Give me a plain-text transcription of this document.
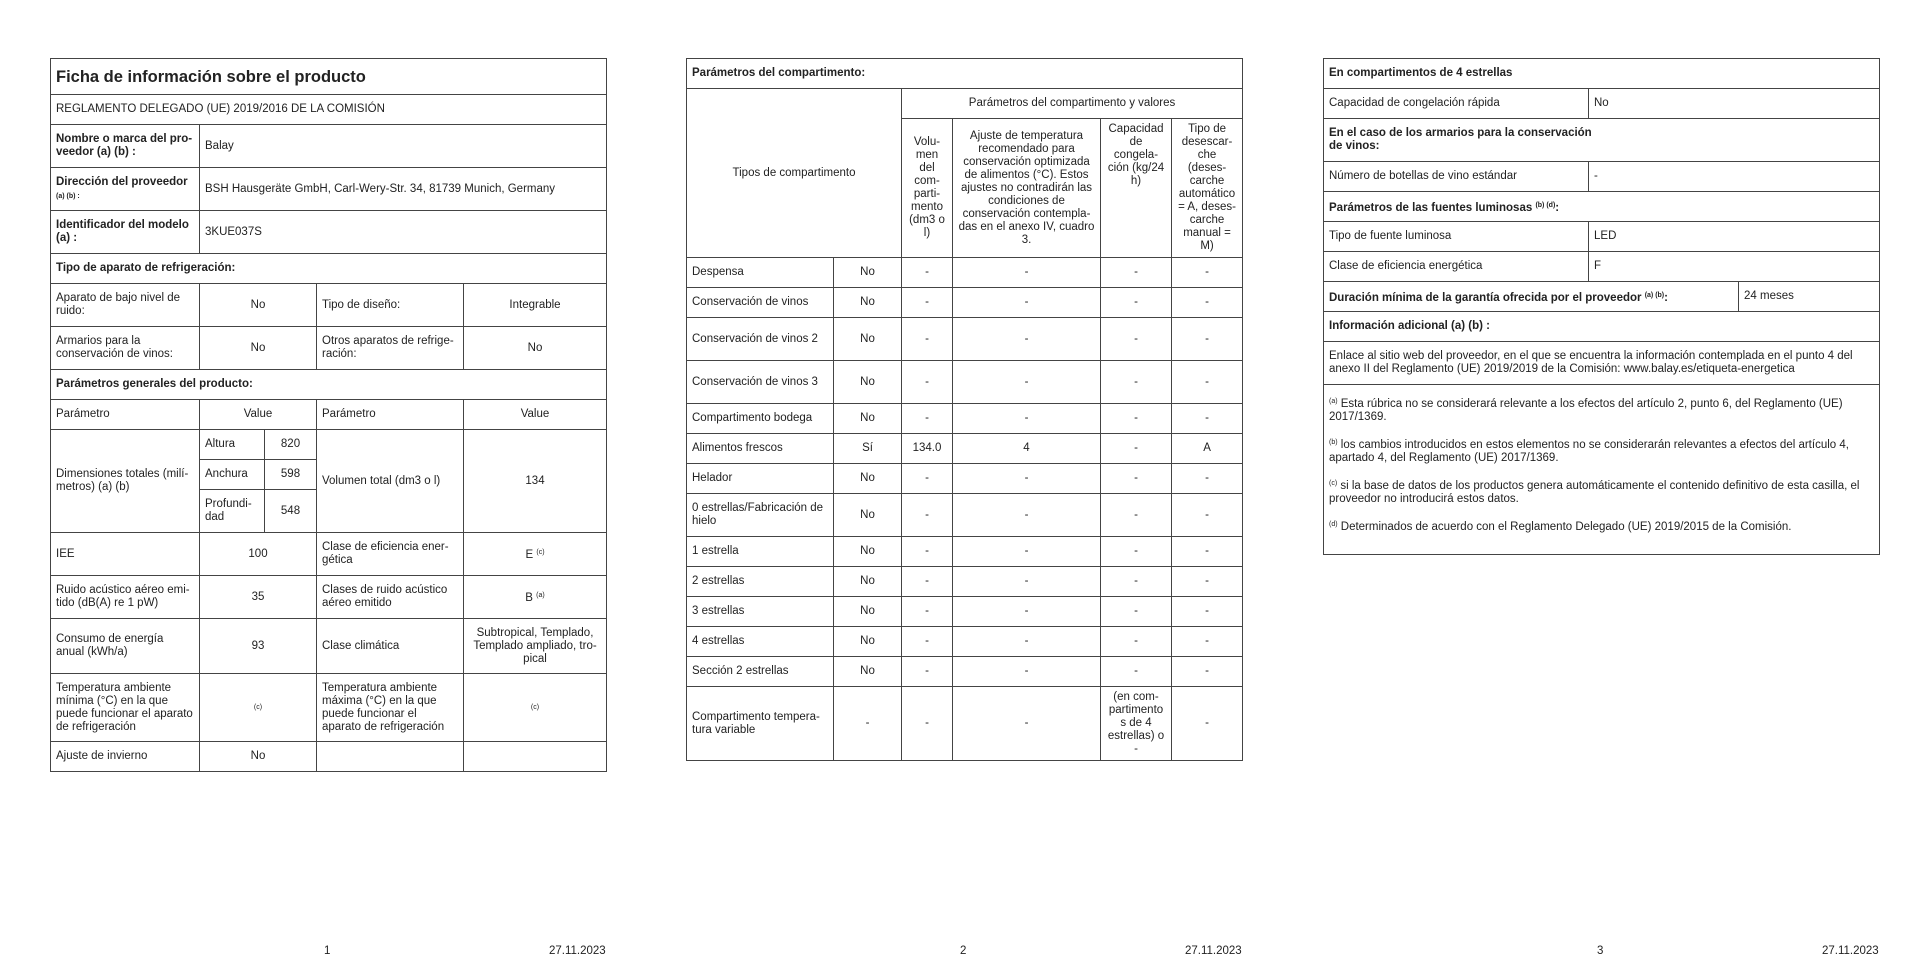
Ficha de información sobre el producto				
REGLAMENTO DELEGADO (UE) 2019/2016 DE LA COMISIÓN				
Nombre o marca del proveedor (a) (b) :	Balay			
Dirección del proveedor
(a) (b) :	BSH Hausgeräte GmbH, Carl-Wery-Str. 34, 81739 Munich, Germany			
Identificador del modelo (a) :	3KUE037S			
Tipo de aparato de refrigeración:				
Aparato de bajo nivel de ruido:	No		Tipo de diseño:	Integrable
Armarios para la conservación de vinos:	No		Otros aparatos de refrigeración:	No
Parámetros generales del producto:				
Parámetro	Value		Parámetro	Value
Dimensiones totales (milímetros) (a) (b)	Altura	820	Volumen total (dm3 o l)	134
	Anchura	598		
	Profundidad	548		
IEE	100		Clase de eficiencia energética	E $^{(c)}$
Ruido acústico aéreo emitido (dB(A) re 1 pW)	35		Clases de ruido acústico aéreo emitido	B $^{(a)}$
Consumo de energía anual (kWh/a)	93		Clase climática	Subtropical, Templado, Templado ampliado, tropical
Temperatura ambiente mínima (°C) en la que puede funcionar el aparato de refrigeración	(c)		Temperatura ambiente máxima (°C) en la que puede funcionar el aparato de refrigeración	(c)
Ajuste de invierno	No			
1	27.11.2023
Parámetros del compartimento:					
Tipos de compartimento		Parámetros del compartimento y valores			
		Volumen del compartimento (dm3 o l)	Ajuste de temperatura recomendado para conservación optimizada de alimentos (°C). Estos ajustes no contradirán las condiciones de conservación contempladas en el anexo IV, cuadro 3.	Capacidad de congelación (kg/24 h)	Tipo de desescarche (desescarche automático = A, desescarche manual = M)
Despensa	No	-	-	-	-
Conservación de vinos	No	-	-	-	-
Conservación de vinos 2	No	-	-	-	-
Conservación de vinos 3	No	-	-	-	-
Compartimento bodega	No	-	-	-	-
Alimentos frescos	Sí	134.0	4	-	A
Helador	No	-	-	-	-
0 estrellas/Fabricación de hielo	No	-	-	-	-
1 estrella	No	-	-	-	-
2 estrellas	No	-	-	-	-
3 estrellas	No	-	-	-	-
4 estrellas	No	-	-	-	-
Sección 2 estrellas	No	-	-	-	-
Compartimento temperatura variable	-	-	-	(en compartimentos de 4 estrellas) o -	-
2	27.11.2023
En compartimentos de 4 estrellas		
Capacidad de congelación rápida	No	

En el caso de los armarios para la conservación de vinos:		

Número de botellas de vino estándar	-	
Parámetros de las fuentes luminosas $^{(b) (d)}$:		
Tipo de fuente luminosa	LED	
Clase de eficiencia energética	F	
Duración mínima de la garantía ofrecida por el proveedor $^{(a) (b)}$:		24 meses
Información adicional (a) (b) :		
Enlace al sitio web del proveedor, en el que se encuentra la información contemplada en el punto 4 del anexo II del Reglamento (UE) 2019/2019 de la Comisión: www.balay.es/etiqueta-energetica		

$^{(a)}$ Esta rúbrica no se considerará relevante a los efectos del artículo 2, punto 6, del Reglamento (UE) 2017/1369.
$^{(b)}$ los cambios introducidos en estos elementos no se considerarán relevantes a efectos del artículo 4, apartado 4, del Reglamento (UE) 2017/1369.
$^{(c)}$ si la base de datos de los productos genera automáticamente el contenido definitivo de esta casilla, el proveedor no introducirá estos datos.
$^{(d)}$ Determinados de acuerdo con el Reglamento Delegado (UE) 2019/2015 de la Comisión.		
3	27.11.2023
